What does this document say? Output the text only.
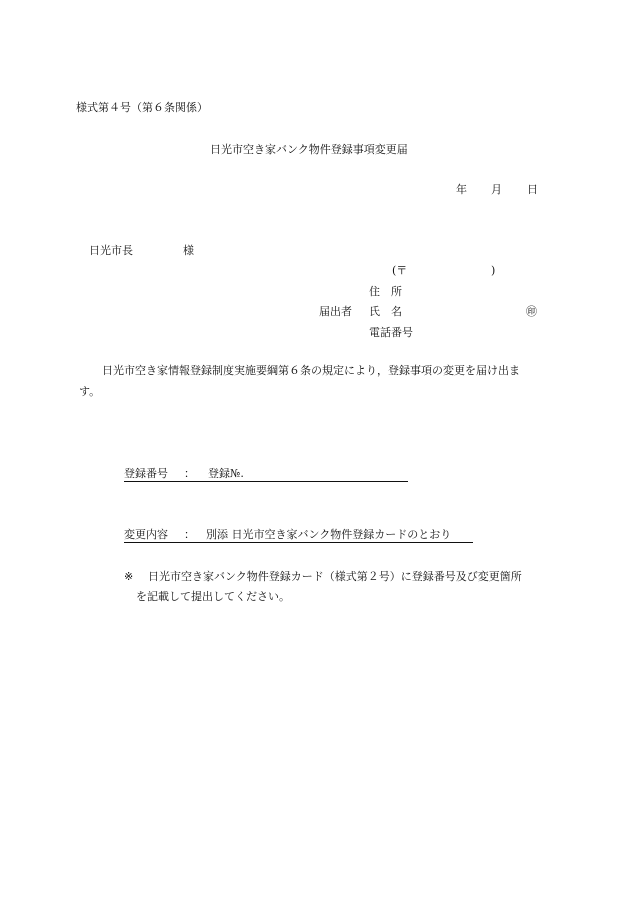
様式第４号（第６条関係）
日光市空き家バンク物件登録事項変更届
年 月 日
日光市長	様
(〒	)
住　所
届出者 氏　名	㊞
電話番号
日光市空き家情報登録制度実施要綱第６条の規定により，登録事項の変更を届け出ま
す。
登録番号 ： 登録№.
変更内容 ： 別添 日光市空き家バンク物件登録カードのとおり
※ 日光市空き家バンク物件登録カード（様式第２号）に登録番号及び変更箇所
を記載して提出してください。
